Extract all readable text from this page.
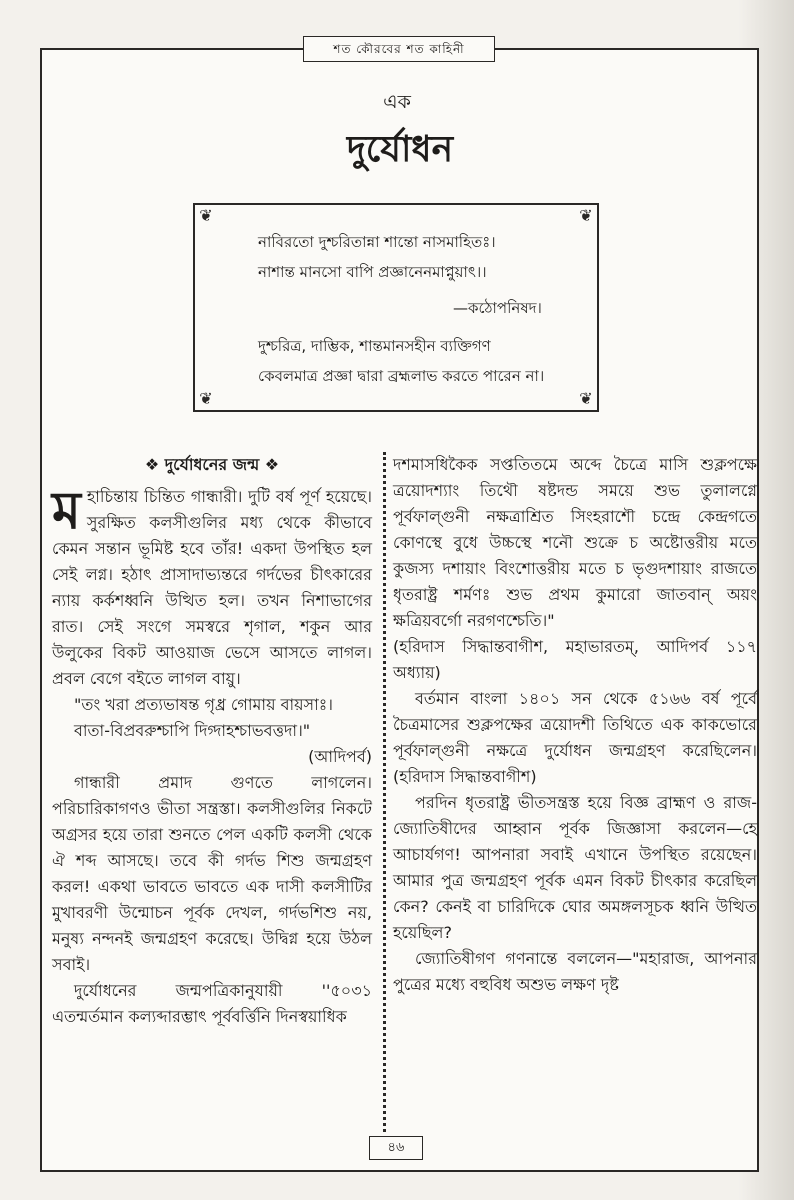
শত কৌরবের শত কাহিনী
এক
দুর্যোধন
❦	❦
❦	❦
নাবিরতো দুশ্চরিতান্না শান্তো নাসমাহিতঃ।
নাশান্ত মানসো বাপি প্রজ্ঞানেনমাপ্নুয়াৎ।।
—কঠোপনিষদ।
দুশ্চরিত্র, দাম্ভিক, শান্তমানসহীন ব্যক্তিগণ
কেবলমাত্র প্রজ্ঞা দ্বারা ব্রহ্মলাভ করতে পারেন না।

❖ দুর্যোধনের জন্ম ❖

মহাচিন্তায় চিন্তিত গান্ধারী। দুটি বর্ষ পূর্ণ হয়েছে। সুরক্ষিত কলসীগুলির মধ্য থেকে কীভাবে কেমন সন্তান ভূমিষ্ট হবে তাঁর! একদা উপস্থিত হল সেই লগ্ন। হঠাৎ প্রাসাদাভ্যন্তরে গর্দভের চীৎকারের ন্যায় কর্কশধ্বনি উত্থিত হল। তখন নিশাভাগের রাত। সেই সংগে সমস্বরে শৃগাল, শকুন আর উলুকের বিকট আওয়াজ ভেসে আসতে লাগল। প্রবল বেগে বইতে লাগল বায়ু।

"তং খরা প্রত্যভাষন্ত গৃধ্র গোমায় বায়সাঃ।

বাতা-বিপ্রবরুশ্চাপি দিগ্দাহশ্চাভবত্তদা।"

(আদিপর্ব)

গান্ধারী প্রমাদ গুণতে লাগলেন। পরিচারিকাগণও ভীতা সন্ত্রস্তা। কলসীগুলির নিকটে অগ্রসর হয়ে তারা শুনতে পেল একটি কলসী থেকে ঐ শব্দ আসছে। তবে কী গর্দভ শিশু জন্মগ্রহণ করল! একথা ভাবতে ভাবতে এক দাসী কলসীটির মুখাবরণী উন্মোচন পূর্বক দেখল, গর্দভশিশু নয়, মনুষ্য নন্দনই জন্মগ্রহণ করেছে। উদ্বিগ্ন হয়ে উঠল সবাই।

দুর্যোধনের জন্মপত্রিকানুযায়ী ''৫০৩১ এতন্মর্তমান কল্যব্দারম্ভাৎ পূর্ববর্ত্তিনি দিনস্বয়াধিক

দশমাসধিকৈক সপ্ততিতমে অব্দে চৈত্রে মাসি শুক্লপক্ষে ত্রয়োদশ্যাং তিথৌ ষষ্টদন্ড সময়ে শুভ তুলালগ্নে পূর্বফাল্গুনী নক্ষত্রাশ্রিত সিংহরাশৌ চন্দ্রে কেন্দ্রগতে কোণস্থে বুধে উচ্চস্থে শনৌ শুক্রে চ অষ্টোত্তরীয় মতে কুজস্য দশায়াং বিংশোত্তরীয় মতে চ ভৃগুদশায়াং রাজতে ধৃতরাষ্ট্র শর্মণঃ শুভ প্রথম কুমারো জাতবান্ অয়ং ক্ষত্রিয়বর্গো নরগণশ্চেতি।"

(হরিদাস সিদ্ধান্তবাগীশ, মহাভারতম্, আদিপর্ব ১১৭ অধ্যায়)

বর্তমান বাংলা ১৪০১ সন থেকে ৫১৬৬ বর্ষ পূর্বে চৈত্রমাসের শুক্লপক্ষের ত্রয়োদশী তিথিতে এক কাকভোরে পূর্বফাল্গুনী নক্ষত্রে দুর্যোধন জন্মগ্রহণ করেছিলেন। (হরিদাস সিদ্ধান্তবাগীশ)

পরদিন ধৃতরাষ্ট্র ভীতসন্ত্রস্ত হয়ে বিজ্ঞ ব্রাহ্মণ ও রাজ-জ্যোতিষীদের আহ্বান পূর্বক জিজ্ঞাসা করলেন—হে আচার্যগণ! আপনারা সবাই এখানে উপস্থিত রয়েছেন। আমার পুত্র জন্মগ্রহণ পূর্বক এমন বিকট চীৎকার করেছিল কেন? কেনই বা চারিদিকে ঘোর অমঙ্গলসূচক ধ্বনি উত্থিত হয়েছিল?

জ্যোতিষীগণ গণনান্তে বললেন—"মহারাজ, আপনার পুত্রের মধ্যে বহুবিধ অশুভ লক্ষণ দৃষ্ট

৪৬
